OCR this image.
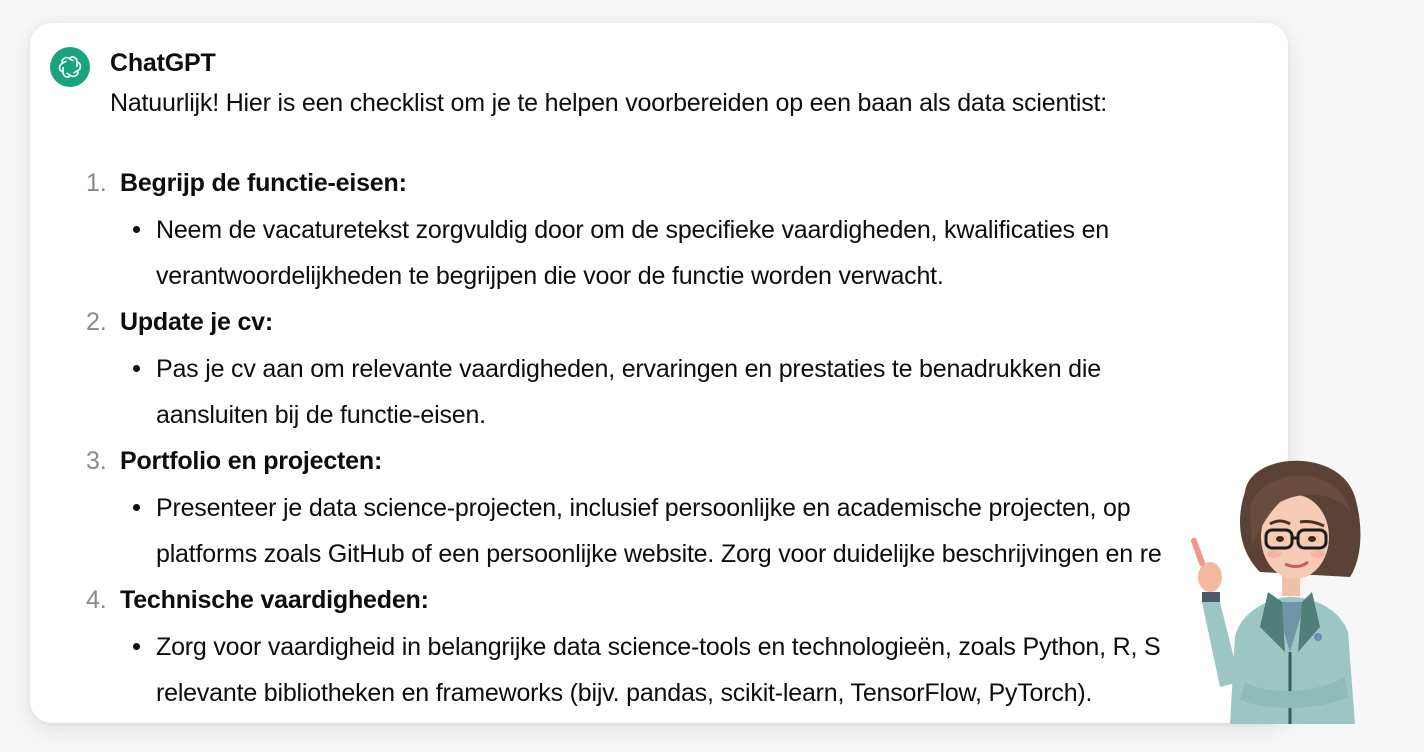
ChatGPT
Natuurlijk! Hier is een checklist om je te helpen voorbereiden op een baan als data scientist:
1. Begrijp de functie-eisen:
Neem de vacaturetekst zorgvuldig door om de specifieke vaardigheden, kwalificaties en
verantwoordelijkheden te begrijpen die voor de functie worden verwacht.
2. Update je cv:
Pas je cv aan om relevante vaardigheden, ervaringen en prestaties te benadrukken die
aansluiten bij de functie-eisen.
3. Portfolio en projecten:
Presenteer je data science-projecten, inclusief persoonlijke en academische projecten, op
platforms zoals GitHub of een persoonlijke website. Zorg voor duidelijke beschrijvingen en re
4. Technische vaardigheden:
Zorg voor vaardigheid in belangrijke data science-tools en technologieën, zoals Python, R, S
relevante bibliotheken en frameworks (bijv. pandas, scikit-learn, TensorFlow, PyTorch).
